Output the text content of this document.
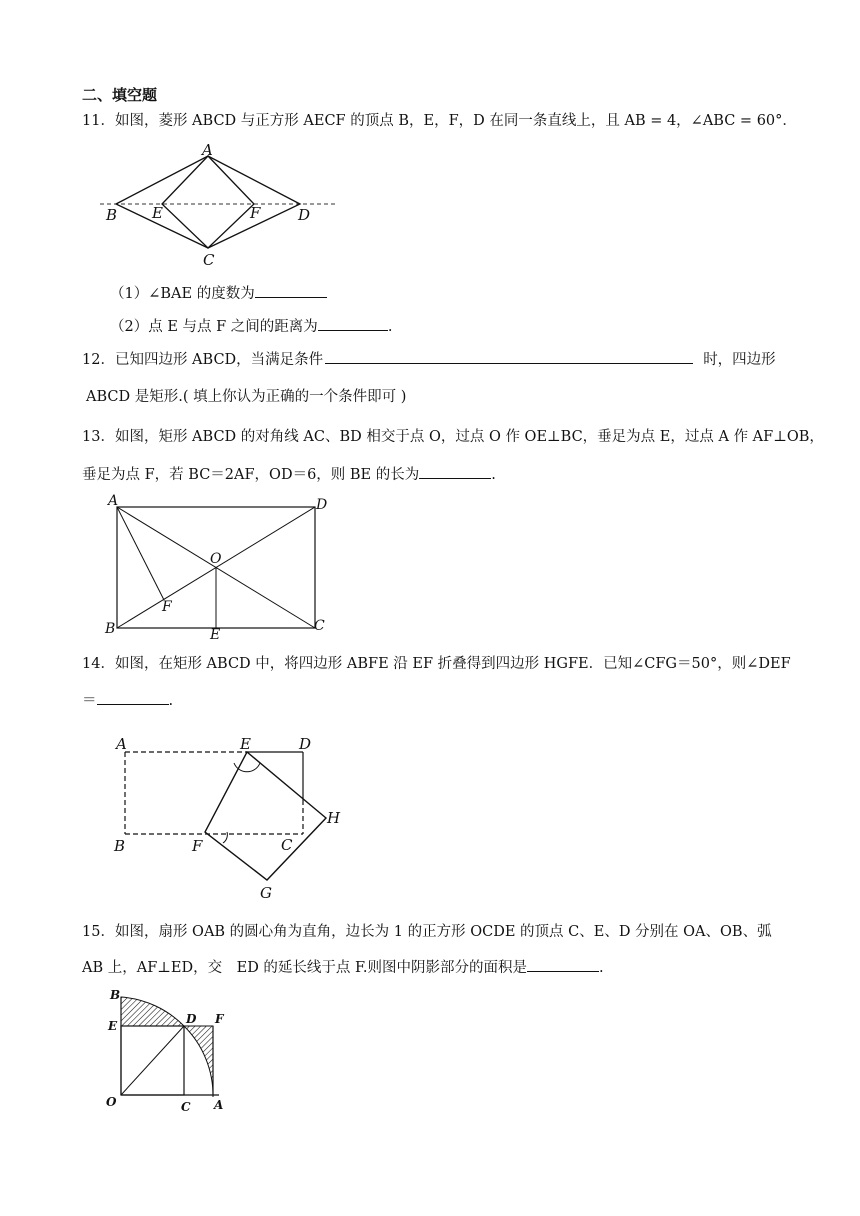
二、填空题
11．如图，菱形 ABCD 与正方形 AECF 的顶点 B，E，F，D 在同一条直线上，且 AB = 4，∠ABC = 60°．
A
B E	F	D
C
（1）∠BAE 的度数为
（2）点 E 与点 F 之间的距离为	.
12．已知四边形 ABCD，当满足条件	时，四边形
ABCD 是矩形.( 填上你认为正确的一个条件即可 )
13．如图，矩形 ABCD 的对角线 AC、BD 相交于点 O，过点 O 作 OE⊥BC，垂足为点 E，过点 A 作 AF⊥OB，
垂足为点 F，若 BC＝2AF，OD＝6，则 BE 的长为	.
A	D
B	C
O
F
E
14．如图，在矩形 ABCD 中，将四边形 ABFE 沿 EF 折叠得到四边形 HGFE．已知∠CFG＝50°，则∠DEF
＝	.
A	E	D
H
B	F	C
G
15．如图，扇形 OAB 的圆心角为直角，边长为 1 的正方形 OCDE 的顶点 C、E、D 分别在 OA、OB、弧
AB 上，AF⊥ED，交　ED 的延长线于点 F.则图中阴影部分的面积是	.
B
E	D F
O	C A
